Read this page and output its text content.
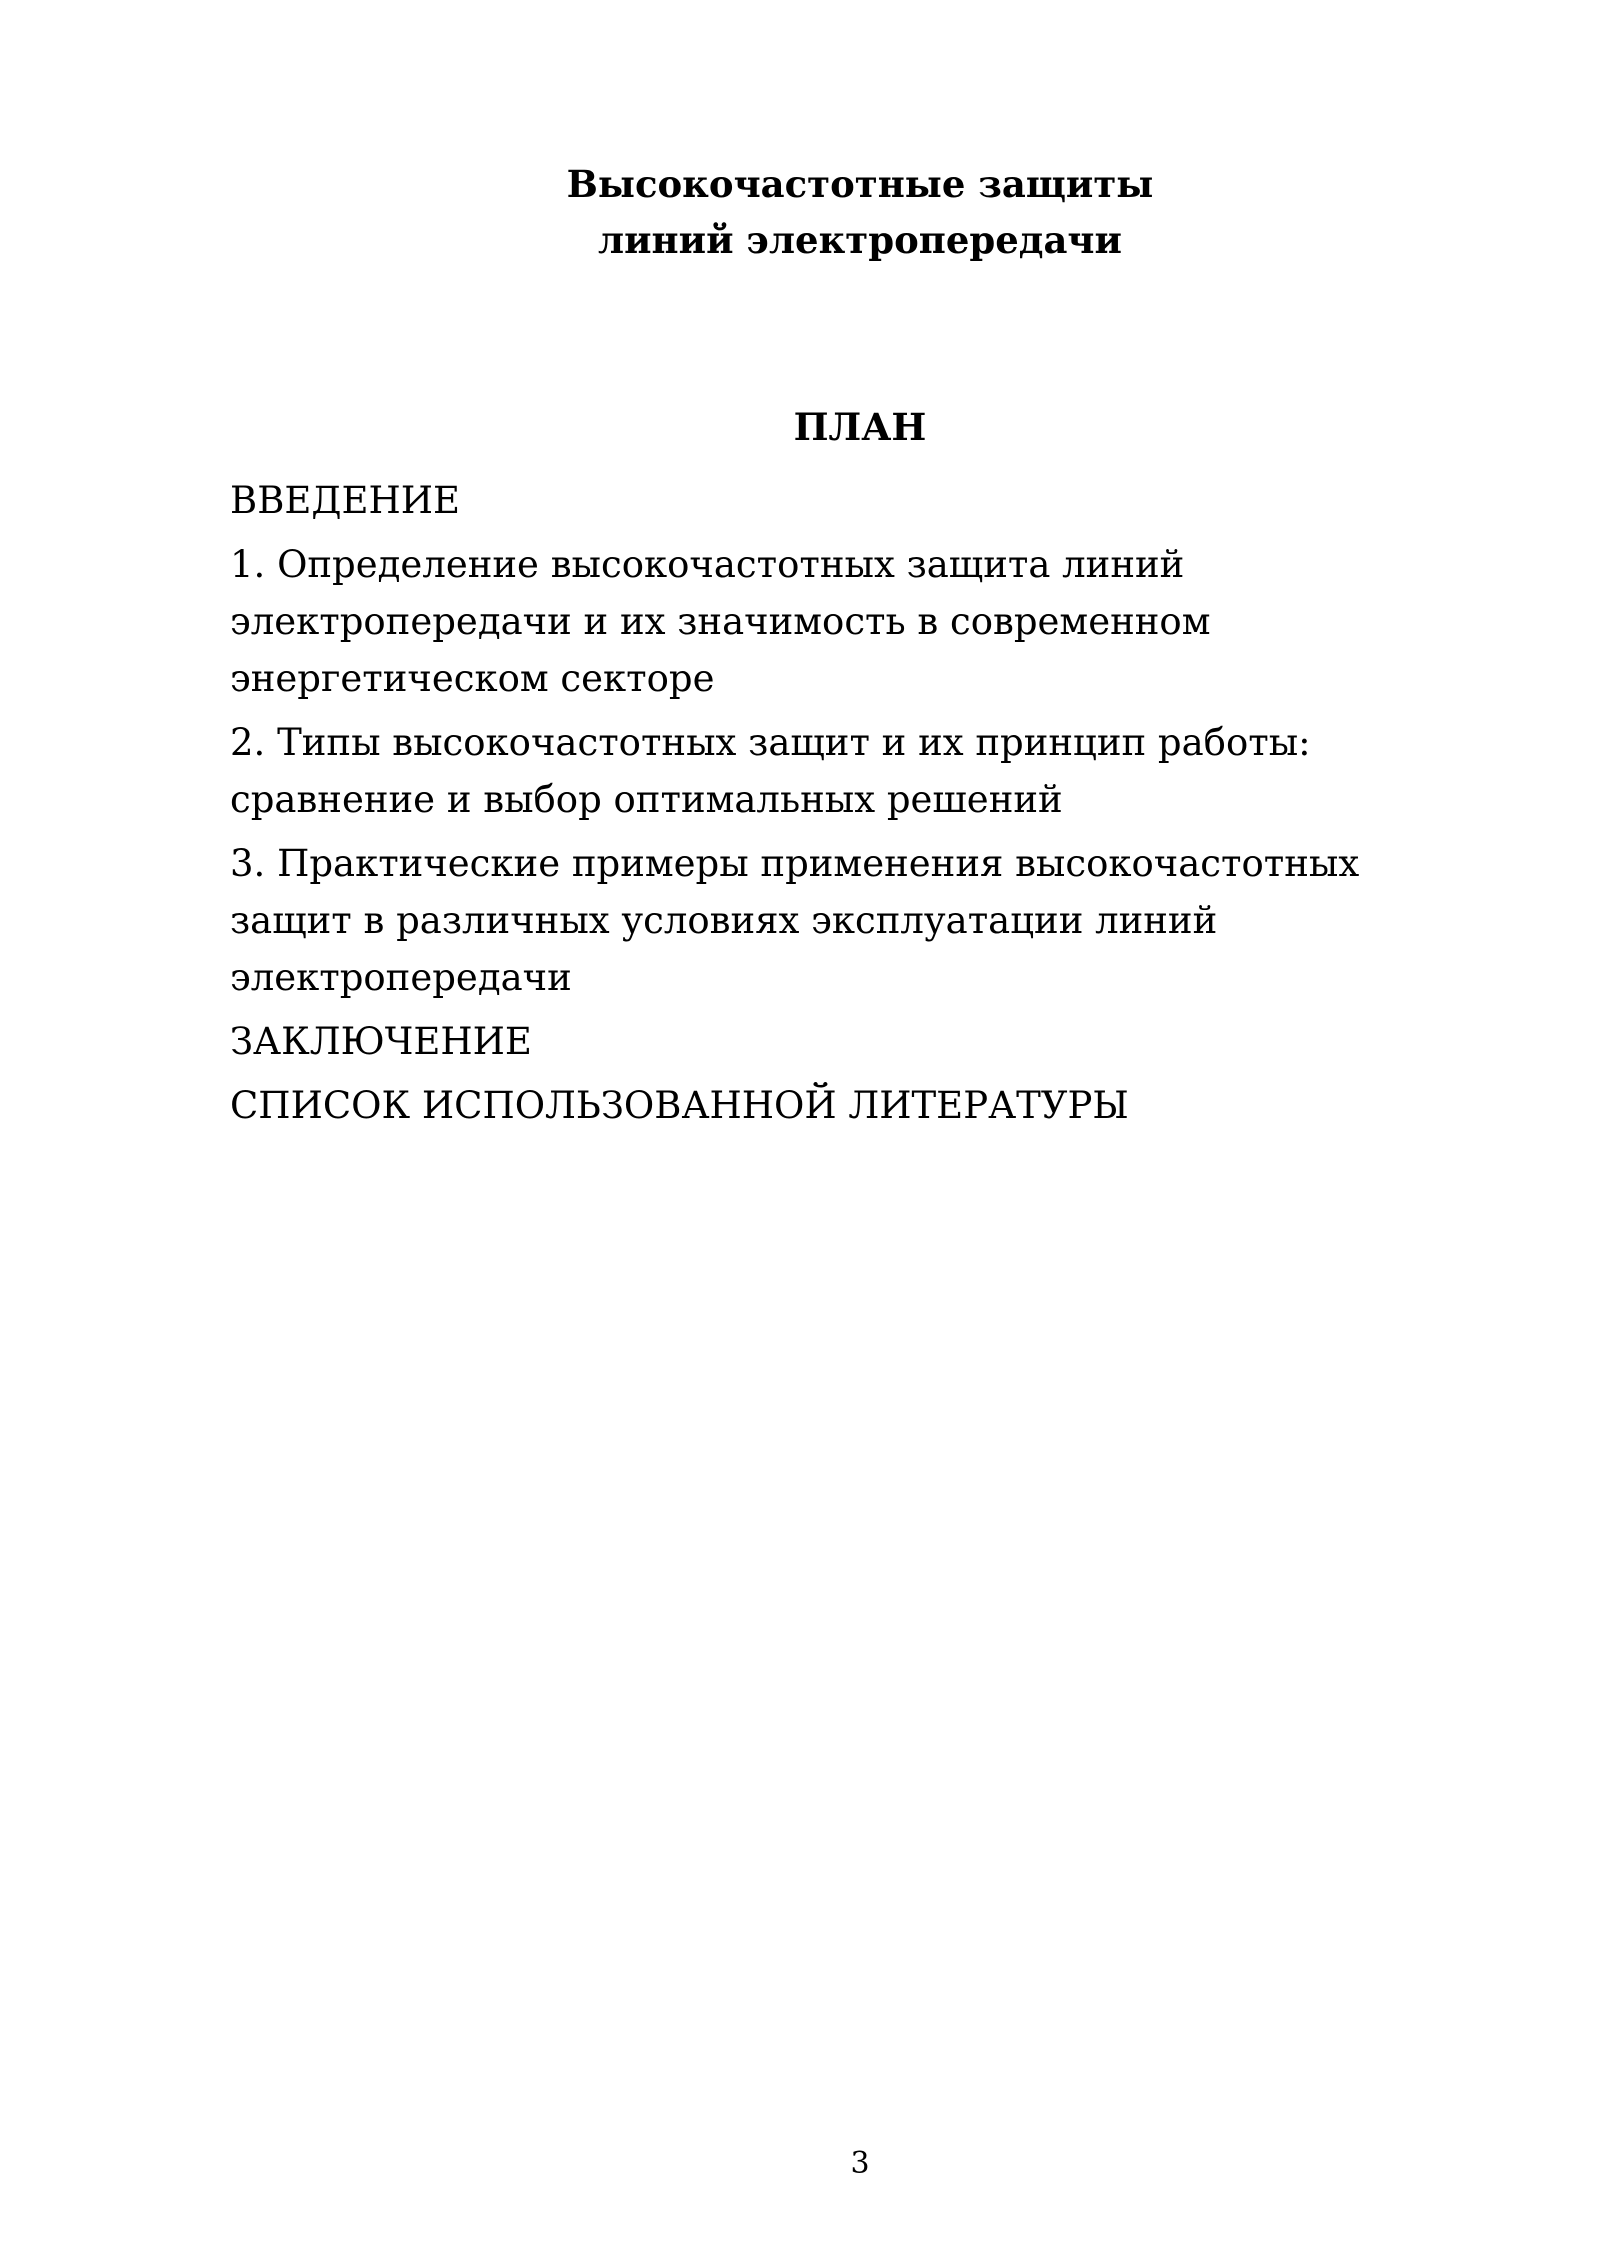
Высокочастотные защиты
линий электропередачи
ПЛАН
ВВЕДЕНИЕ
1. Определение высокочастотных защита линий
электропередачи и их значимость в современном
энергетическом секторе
2. Типы высокочастотных защит и их принцип работы:
сравнение и выбор оптимальных решений
3. Практические примеры применения высокочастотных
защит в различных условиях эксплуатации линий
электропередачи
ЗАКЛЮЧЕНИЕ
СПИСОК ИСПОЛЬЗОВАННОЙ ЛИТЕРАТУРЫ
3
